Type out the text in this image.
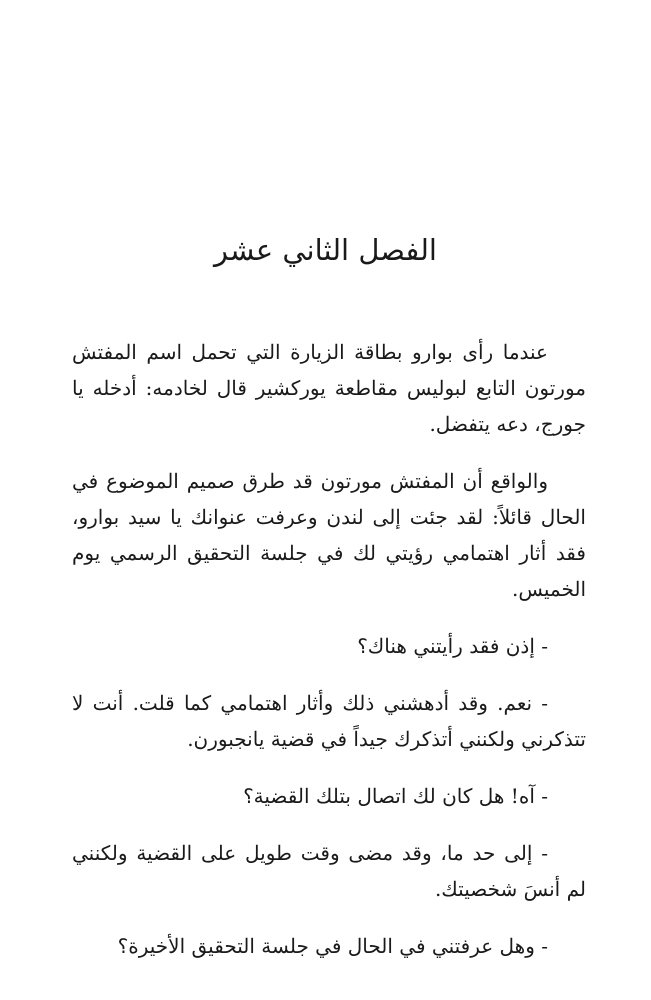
الفصل الثاني عشر

عندما رأى بوارو بطاقة الزيارة التي تحمل اسم المفتش مورتون التابع لبوليس مقاطعة يوركشير قال لخادمه: أدخله يا جورج، دعه يتفضل.

والواقع أن المفتش مورتون قد طرق صميم الموضوع في الحال قائلاً: لقد جئت إلى لندن وعرفت عنوانك يا سيد بوارو، فقد أثار اهتمامي رؤيتي لك في جلسة التحقيق الرسمي يوم الخميس.

- إذن فقد رأيتني هناك؟

- نعم. وقد أدهشني ذلك وأثار اهتمامي كما قلت. أنت لا تتذكرني ولكنني أتذكرك جيداً في قضية يانجبورن.

- آه! هل كان لك اتصال بتلك القضية؟

- إلى حد ما، وقد مضى وقت طويل على القضية ولكنني لم أنسَ شخصيتك.

- وهل عرفتني في الحال في جلسة التحقيق الأخيرة؟
